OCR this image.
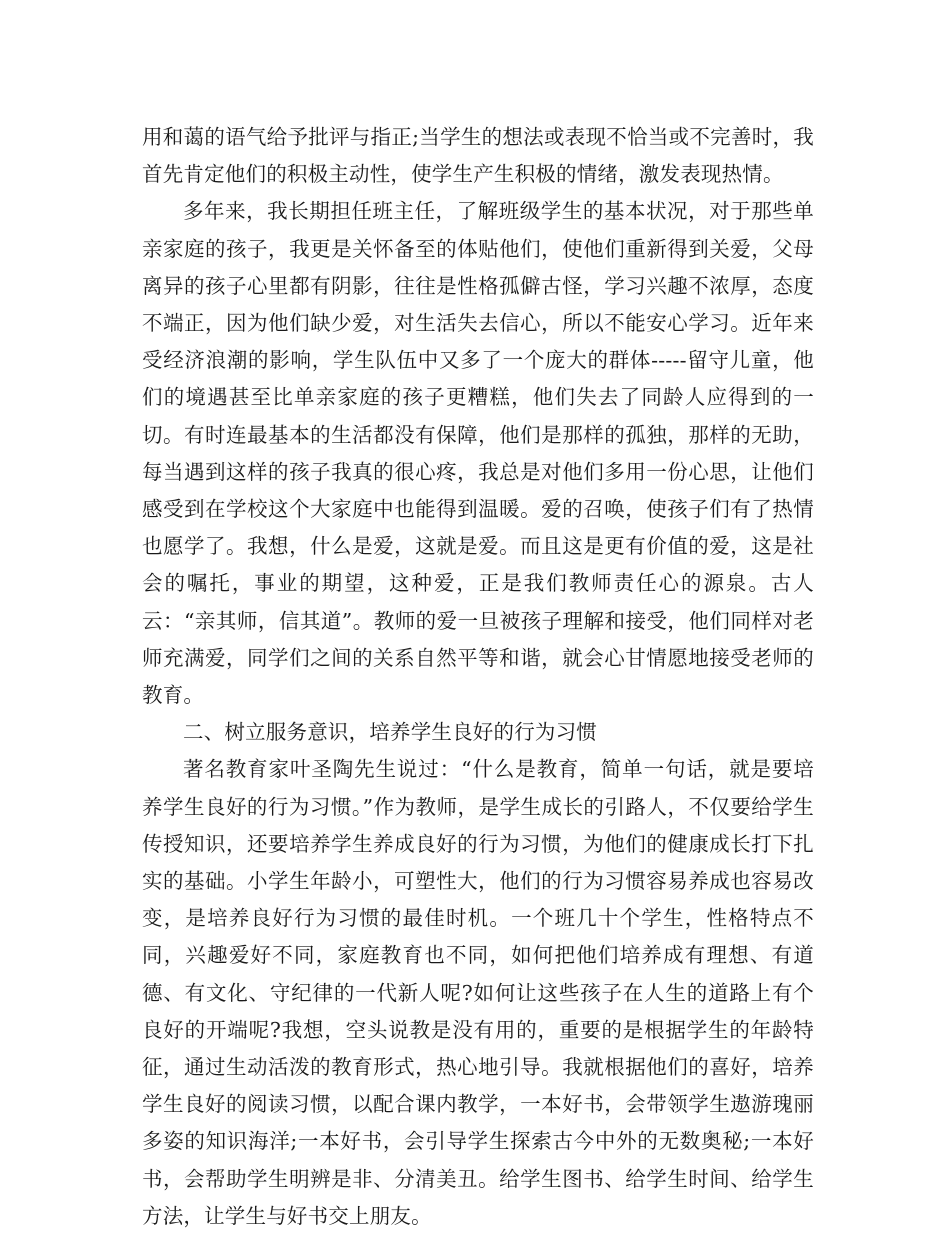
用和蔼的语气给予批评与指正;当学生的想法或表现不恰当或不完善时，我首先肯定他们的积极主动性，使学生产生积极的情绪，激发表现热情。

多年来，我长期担任班主任，了解班级学生的基本状况，对于那些单亲家庭的孩子，我更是关怀备至的体贴他们，使他们重新得到关爱，父母离异的孩子心里都有阴影，往往是性格孤僻古怪，学习兴趣不浓厚，态度不端正，因为他们缺少爱，对生活失去信心，所以不能安心学习。近年来受经济浪潮的影响，学生队伍中又多了一个庞大的群体-----留守儿童，他们的境遇甚至比单亲家庭的孩子更糟糕，他们失去了同龄人应得到的一切。有时连最基本的生活都没有保障，他们是那样的孤独，那样的无助，每当遇到这样的孩子我真的很心疼，我总是对他们多用一份心思，让他们感受到在学校这个大家庭中也能得到温暖。爱的召唤，使孩子们有了热情也愿学了。我想，什么是爱，这就是爱。而且这是更有价值的爱，这是社会的嘱托，事业的期望，这种爱，正是我们教师责任心的源泉。古人云：“亲其师，信其道”。教师的爱一旦被孩子理解和接受，他们同样对老师充满爱，同学们之间的关系自然平等和谐，就会心甘情愿地接受老师的教育。

二、树立服务意识，培养学生良好的行为习惯

著名教育家叶圣陶先生说过：“什么是教育，简单一句话，就是要培养学生良好的行为习惯。”作为教师，是学生成长的引路人，不仅要给学生传授知识，还要培养学生养成良好的行为习惯，为他们的健康成长打下扎实的基础。小学生年龄小，可塑性大，他们的行为习惯容易养成也容易改变，是培养良好行为习惯的最佳时机。一个班几十个学生，性格特点不同，兴趣爱好不同，家庭教育也不同，如何把他们培养成有理想、有道德、有文化、守纪律的一代新人呢?如何让这些孩子在人生的道路上有个良好的开端呢?我想，空头说教是没有用的，重要的是根据学生的年龄特征，通过生动活泼的教育形式，热心地引导。我就根据他们的喜好，培养学生良好的阅读习惯，以配合课内教学，一本好书，会带领学生遨游瑰丽多姿的知识海洋;一本好书，会引导学生探索古今中外的无数奥秘;一本好书，会帮助学生明辨是非、分清美丑。给学生图书、给学生时间、给学生方法，让学生与好书交上朋友。
